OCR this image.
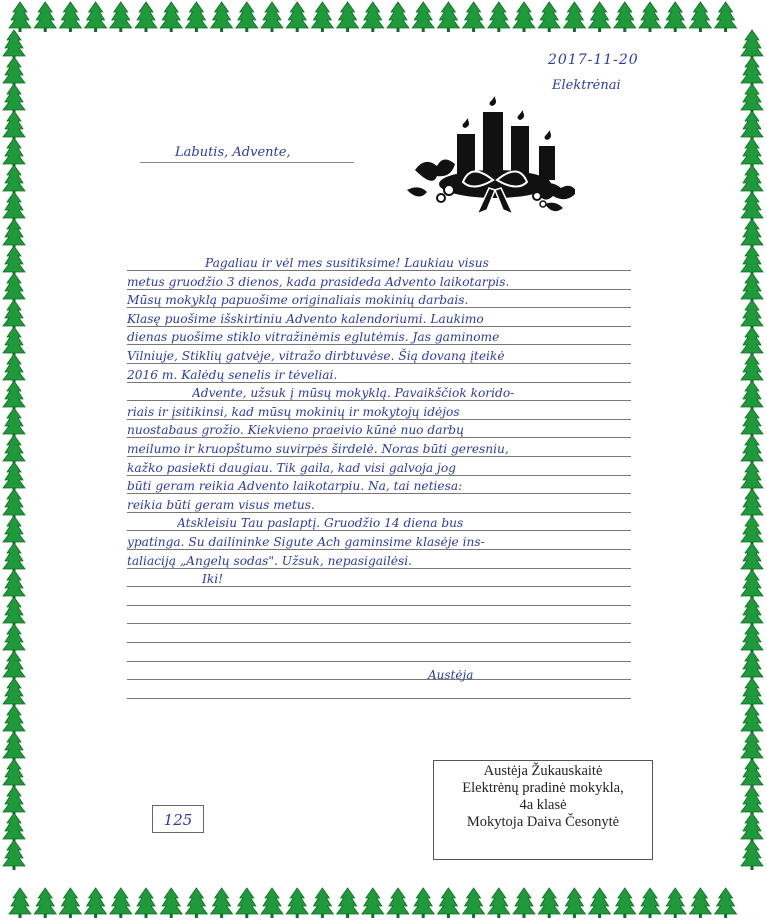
2017-11-20
Elektrėnai
Labutis, Advente,
Pagaliau ir vėl mes susitiksime! Laukiau visus
metus gruodžio 3 dienos, kada prasideda Advento laikotarpis.
Mūsų mokyklą papuošime originaliais mokinių darbais.
Klasę puošime išskirtiniu Advento kalendoriumi. Laukimo
dienas puošime stiklo vitražinėmis eglutėmis. Jas gaminome
Vilniuje, Stiklių gatvėje, vitražo dirbtuvėse. Šią dovaną įteikė
2016 m. Kalėdų senelis ir tėveliai.
Advente, užsuk į mūsų mokyklą. Pavaikščiok korido-
riais ir įsitikinsi, kad mūsų mokinių ir mokytojų idėjos
nuostabaus grožio. Kiekvieno praeivio kūnė nuo darbų
meilumo ir kruopštumo suvirpės širdelė. Noras būti geresniu,
kažko pasiekti daugiau. Tik gaila, kad visi galvoja jog
būti geram reikia Advento laikotarpiu. Na, tai netiesa:
reikia būti geram visus metus.
Atskleisiu Tau paslaptį. Gruodžio 14 diena bus
ypatinga. Su dailininke Sigute Ach gaminsime klasėje ins-
taliaciją „Angelų sodas". Užsuk, nepasigailėsi.
Iki!
Austėja
Austėja Žukauskaitė
Elektrėnų pradinė mokykla,
4a klasė
Mokytoja Daiva Česonytė
125
